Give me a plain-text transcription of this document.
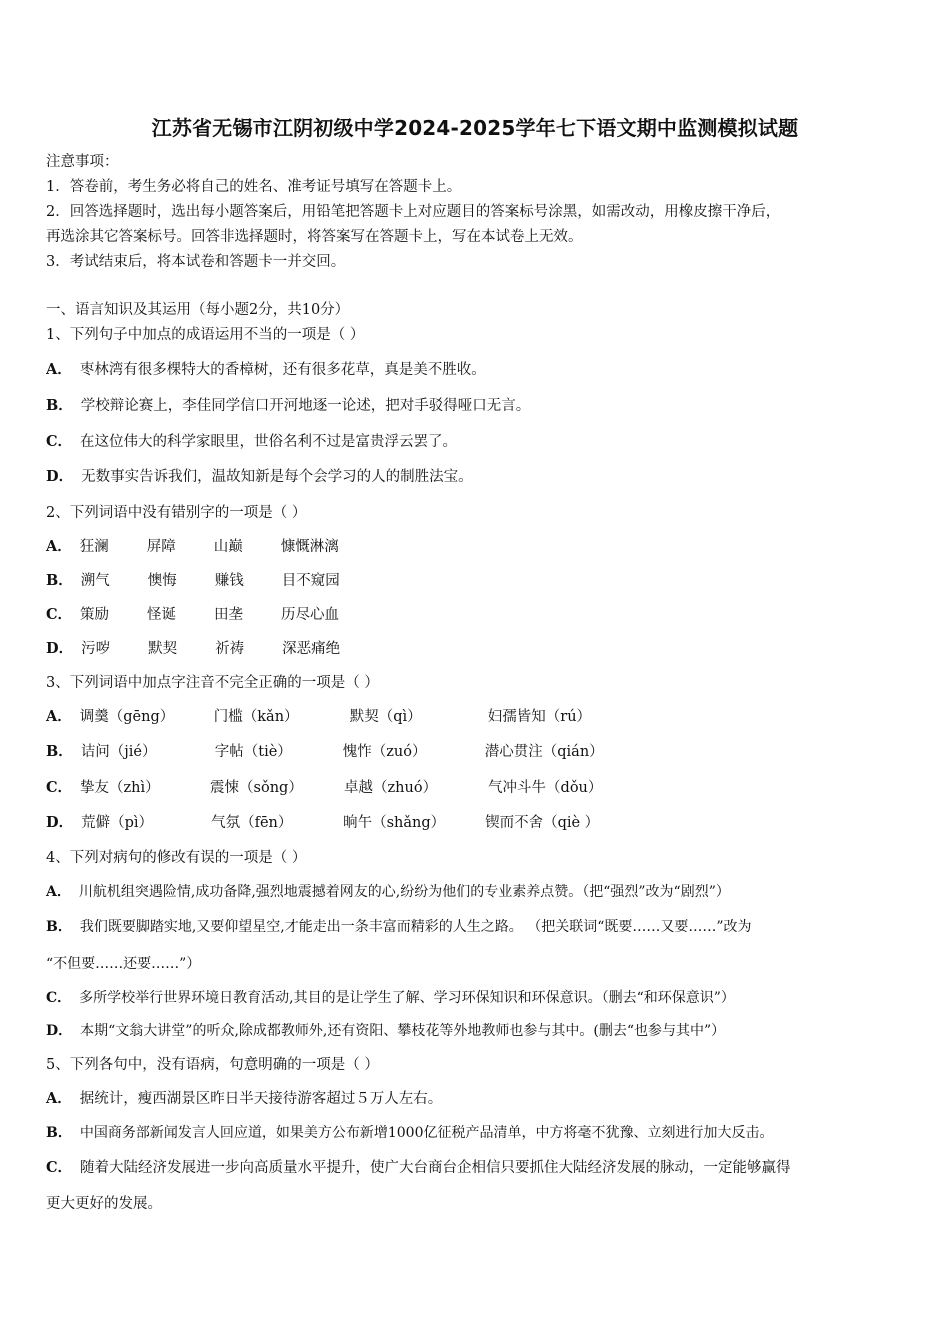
江苏省无锡市江阴初级中学2024-2025学年七下语文期中监测模拟试题
注意事项：
1．答卷前，考生务必将自己的姓名、准考证号填写在答题卡上。
2．回答选择题时，选出每小题答案后，用铅笔把答题卡上对应题目的答案标号涂黑，如需改动，用橡皮擦干净后，
再选涂其它答案标号。回答非选择题时，将答案写在答题卡上，写在本试卷上无效。
3．考试结束后，将本试卷和答题卡一并交回。
一、语言知识及其运用（每小题2分，共10分）
1、下列句子中加点的成语运用不当的一项是（ ）
A． 枣林湾有很多棵特大的香樟树，还有很多花草，真是美不胜收。
B． 学校辩论赛上，李佳同学信口开河地逐一论述，把对手驳得哑口无言。
C． 在这位伟大的科学家眼里，世俗名利不过是富贵浮云罢了。
D． 无数事实告诉我们，温故知新是每个会学习的人的制胜法宝。
2、下列词语中没有错别字的一项是（ ）
A． 狂澜	屏障	山巅	慷慨淋漓
B． 溯气	懊悔	赚钱	目不窥园
C． 策励	怪诞	田垄	历尽心血
D． 污哕	默契	祈祷	深恶痛绝
3、下列词语中加点字注音不完全正确的一项是（ ）
A． 调羹（gēng）	门槛（kǎn）	默契（qì）	妇孺皆知（rú）
B． 诘问（jié）	字帖（tiè）	愧怍（zuó）	潜心贯注（qián）
C． 挚友（zhì）	震悚（sǒng）	卓越（zhuó）	气冲斗牛（dǒu）
D． 荒僻（pì）	气氛（fēn）	晌午（shǎng）	锲而不舍（qiè ）
4、下列对病句的修改有误的一项是（ ）
A． 川航机组突遇险情,成功备降,强烈地震撼着网友的心,纷纷为他们的专业素养点赞。（把“强烈”改为“剧烈”）
B． 我们既要脚踏实地,又要仰望星空,才能走出一条丰富而精彩的人生之路。 （把关联词“既要……又要……”改为
“不但要……还要……”）
C． 多所学校举行世界环境日教育活动,其目的是让学生了解、学习环保知识和环保意识。（删去“和环保意识”）
D． 本期“文翁大讲堂”的听众,除成都教师外,还有资阳、攀枝花等外地教师也参与其中。(删去“也参与其中”）
5、下列各句中，没有语病，句意明确的一项是（ ）
A． 据统计，瘦西湖景区昨日半天接待游客超过５万人左右。
B． 中国商务部新闻发言人回应道，如果美方公布新增1000亿征税产品清单，中方将毫不犹豫、立刻进行加大反击。
C． 随着大陆经济发展进一步向高质量水平提升，使广大台商台企相信只要抓住大陆经济发展的脉动，一定能够赢得
更大更好的发展。
